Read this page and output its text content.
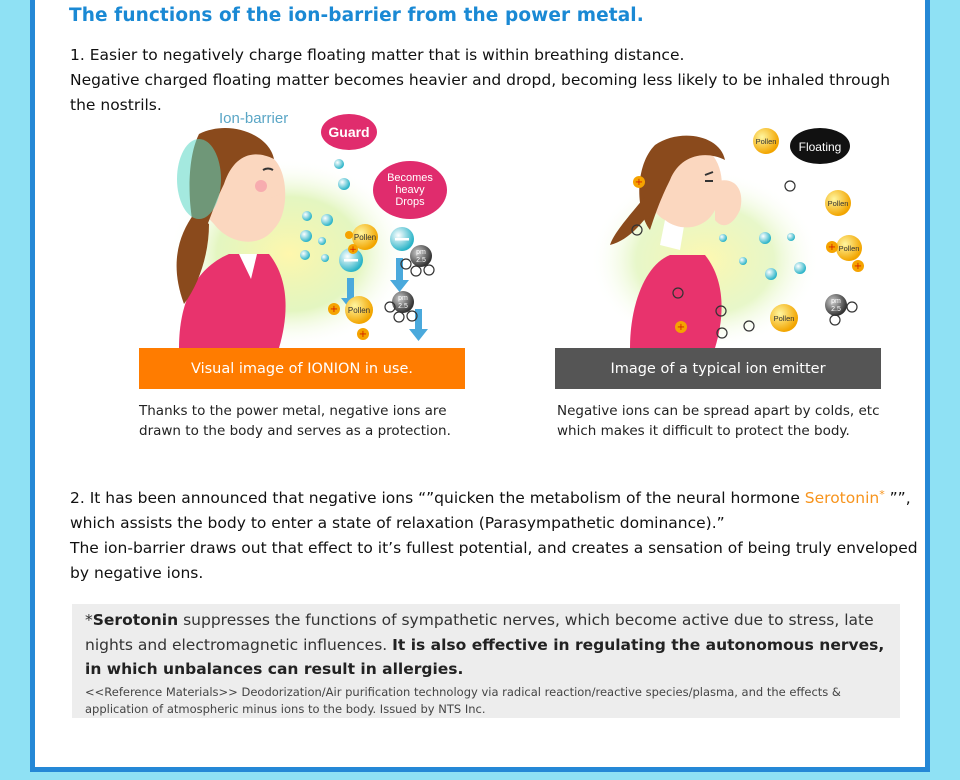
The functions of the ion-barrier from the power metal.
1. Easier to negatively charge floating matter that is within breathing distance.
Negative charged floating matter becomes heavier and dropd, becoming less likely to be inhaled through the nostrils.
Ion-barrier
Guard
Becomes
heavy
Drops
Pollen
Pollen
+
+
+
pm
2.5
pm
2.5
Floating
Pollen
Pollen
Pollen
Pollen
+
+
+
+
pm
2.5
Visual image of IONION in use.	Image of a typical ion emitter

Thanks to the power metal, negative ions are drawn to the body and serves as a protection.

Negative ions can be spread apart by colds, etc which makes it difficult to protect the body.

2. It has been announced that negative ions “”quicken the metabolism of the neural hormone Serotonin* ””, which assists the body to enter a state of relaxation (Parasympathetic dominance).”
The ion-barrier draws out that effect to it’s fullest potential, and creates a sensation of being truly enveloped by negative ions.
*Serotonin suppresses the functions of sympathetic nerves, which become active due to stress, late nights and electromagnetic influences. It is also effective in regulating the autonomous nerves, in which unbalances can result in allergies.
<<Reference Materials>> Deodorization/Air purification technology via radical reaction/reactive species/plasma, and the effects & application of atmospheric minus ions to the body. Issued by NTS Inc.
